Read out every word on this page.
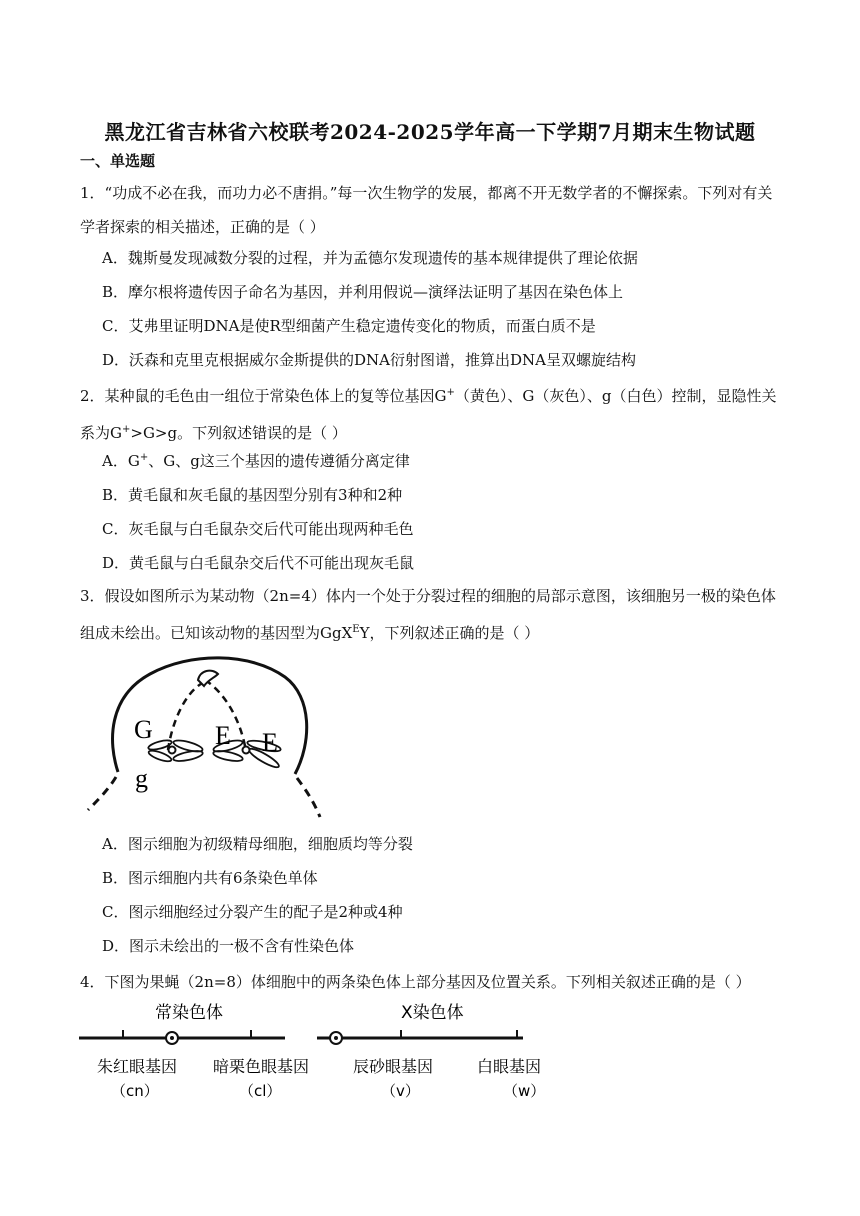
黑龙江省吉林省六校联考2024-2025学年高一下学期7月期末生物试题
一、单选题
1．“功成不必在我，而功力必不唐捐。”每一次生物学的发展，都离不开无数学者的不懈探索。下列对有关学者探索的相关描述，正确的是（ ）
A．魏斯曼发现减数分裂的过程，并为孟德尔发现遗传的基本规律提供了理论依据
B．摩尔根将遗传因子命名为基因，并利用假说—演绎法证明了基因在染色体上
C．艾弗里证明DNA是使R型细菌产生稳定遗传变化的物质，而蛋白质不是
D．沃森和克里克根据威尔金斯提供的DNA衍射图谱，推算出DNA呈双螺旋结构
2．某种鼠的毛色由一组位于常染色体上的复等位基因G+（黄色）、G（灰色）、g（白色）控制，显隐性关系为G+>G>g。下列叙述错误的是（ ）
A．G+、G、g这三个基因的遗传遵循分离定律
B．黄毛鼠和灰毛鼠的基因型分别有3种和2种
C．灰毛鼠与白毛鼠杂交后代可能出现两种毛色
D．黄毛鼠与白毛鼠杂交后代不可能出现灰毛鼠
3．假设如图所示为某动物（2n=4）体内一个处于分裂过程的细胞的局部示意图，该细胞另一极的染色体组成未绘出。已知该动物的基因型为GgX$^E$Y，下列叙述正确的是（ ）
G
g
E E
A．图示细胞为初级精母细胞，细胞质均等分裂
B．图示细胞内共有6条染色单体
C．图示细胞经过分裂产生的配子是2种或4种
D．图示未绘出的一极不含有性染色体
4．下图为果蝇（2n=8）体细胞中的两条染色体上部分基因及位置关系。下列相关叙述正确的是（ ）
常染色体	X染色体
朱红眼基因 暗栗色眼基因	辰砂眼基因	白眼基因
（cn）	（cl）	（v）	（w）
